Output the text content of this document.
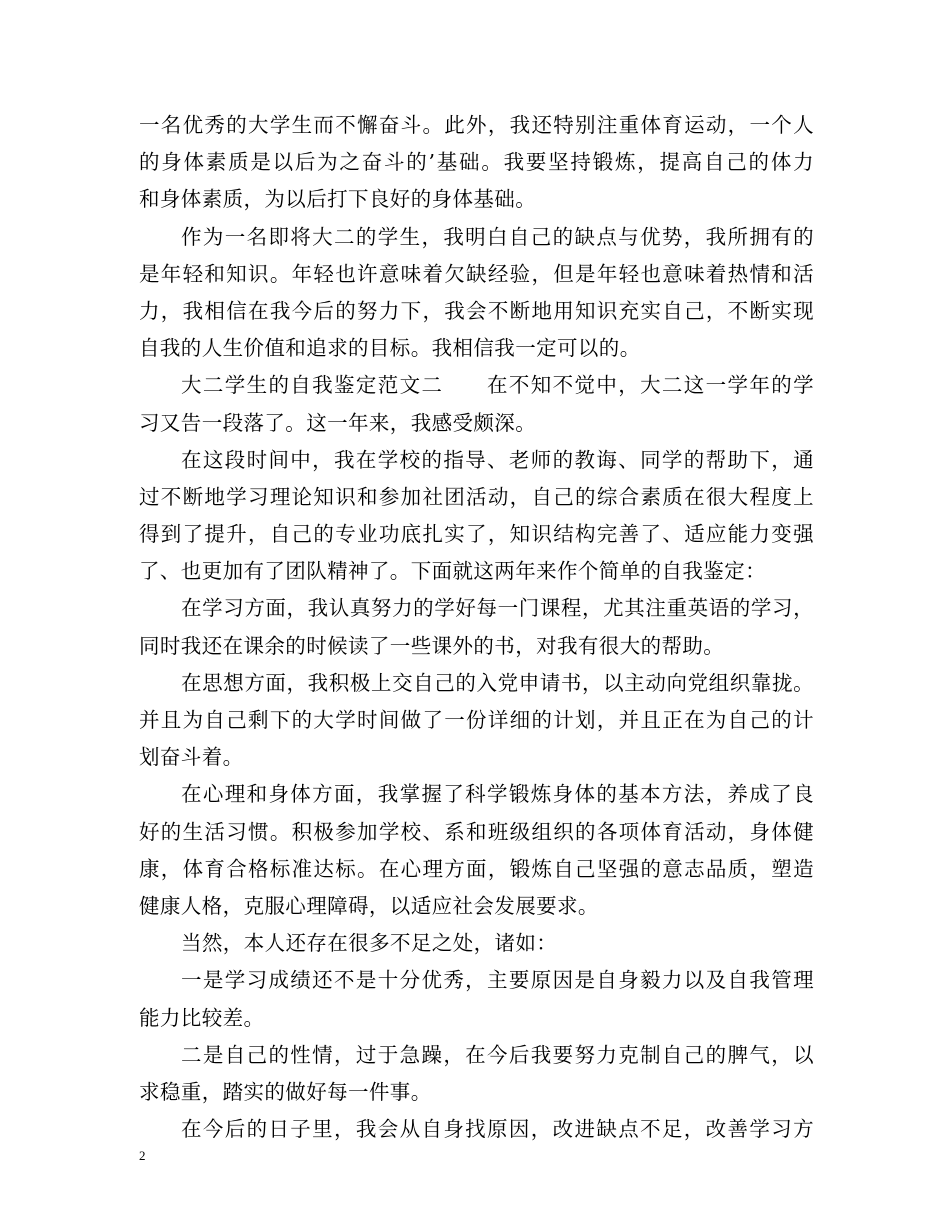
一名优秀的大学生而不懈奋斗。此外，我还特别注重体育运动，一个人
的身体素质是以后为之奋斗的’基础。我要坚持锻炼，提高自己的体力
和身体素质，为以后打下良好的身体基础。
作为一名即将大二的学生，我明白自己的缺点与优势，我所拥有的
是年轻和知识。年轻也许意味着欠缺经验，但是年轻也意味着热情和活
力，我相信在我今后的努力下，我会不断地用知识充实自己，不断实现
自我的人生价值和追求的目标。我相信我一定可以的。
大二学生的自我鉴定范文二　　在不知不觉中，大二这一学年的学
习又告一段落了。这一年来，我感受颇深。
在这段时间中，我在学校的指导、老师的教诲、同学的帮助下，通
过不断地学习理论知识和参加社团活动，自己的综合素质在很大程度上
得到了提升，自己的专业功底扎实了，知识结构完善了、适应能力变强
了、也更加有了团队精神了。下面就这两年来作个简单的自我鉴定：
在学习方面，我认真努力的学好每一门课程，尤其注重英语的学习，
同时我还在课余的时候读了一些课外的书，对我有很大的帮助。
在思想方面，我积极上交自己的入党申请书，以主动向党组织靠拢。
并且为自己剩下的大学时间做了一份详细的计划，并且正在为自己的计
划奋斗着。
在心理和身体方面，我掌握了科学锻炼身体的基本方法，养成了良
好的生活习惯。积极参加学校、系和班级组织的各项体育活动，身体健
康，体育合格标准达标。在心理方面，锻炼自己坚强的意志品质，塑造
健康人格，克服心理障碍，以适应社会发展要求。
当然，本人还存在很多不足之处，诸如：
一是学习成绩还不是十分优秀，主要原因是自身毅力以及自我管理
能力比较差。
二是自己的性情，过于急躁，在今后我要努力克制自己的脾气，以
求稳重，踏实的做好每一件事。
在今后的日子里，我会从自身找原因，改进缺点不足，改善学习方
2
